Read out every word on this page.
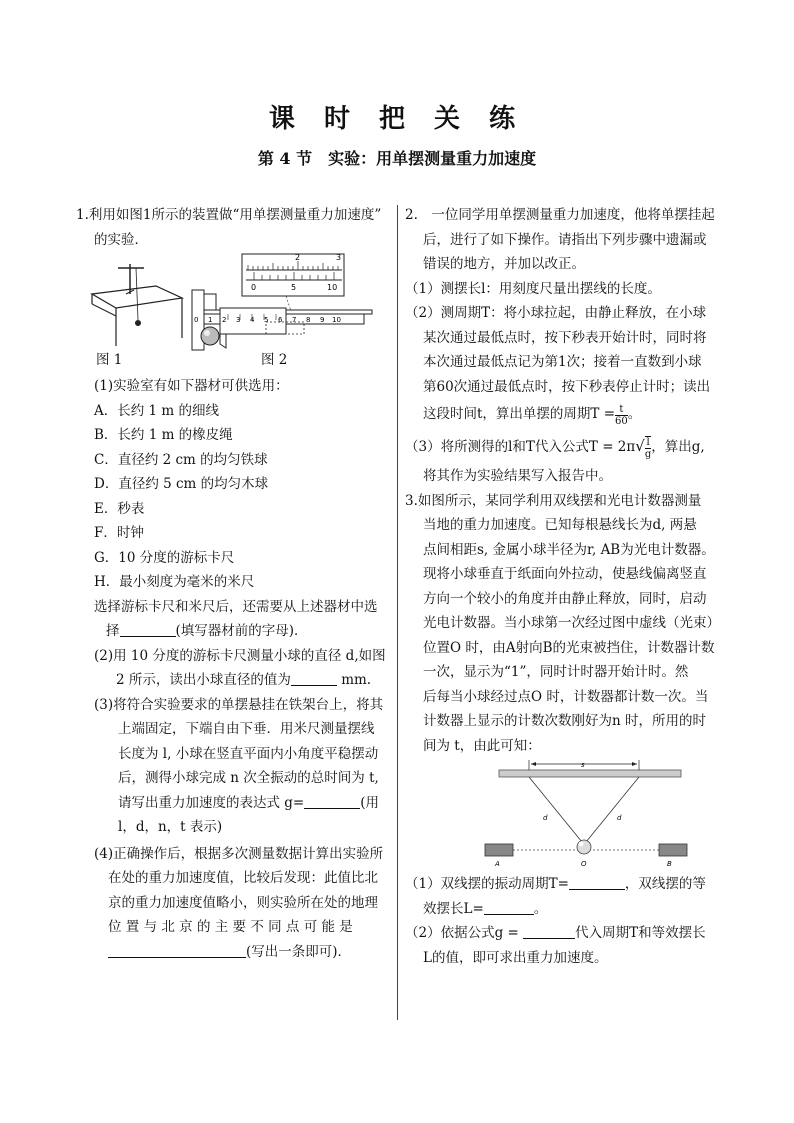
课 时 把 关 练
第 4 节　实验：用单摆测量重力加速度

1.利用如图1所示的装置做“用单摆测量重力加速度”

的实验．

2	3
0	5	10
0 1 2 3 4 5 6 7 8 9 10
图 1	图 2

(1)实验室有如下器材可供选用：

A．长约 1 m 的细线

B．长约 1 m 的橡皮绳

C．直径约 2 cm 的均匀铁球

D．直径约 5 cm 的均匀木球

E．秒表

F．时钟

G．10 分度的游标卡尺

H．最小刻度为毫米的米尺

选择游标卡尺和米尺后，还需要从上述器材中选

择	(填写器材前的字母)．

(2)用 10 分度的游标卡尺测量小球的直径 d,如图

2 所示，读出小球直径的值为	mm.

(3)将符合实验要求的单摆悬挂在铁架台上，将其

上端固定，下端自由下垂．用米尺测量摆线

长度为 l, 小球在竖直平面内小角度平稳摆动

后，测得小球完成 n 次全振动的总时间为 t,

请写出重力加速度的表达式 g=	(用

l，d，n，t 表示)

(4)正确操作后，根据多次测量数据计算出实验所

在处的重力加速度值，比较后发现：此值比北

京的重力加速度值略小，则实验所在处的地理

位 置 与 北 京 的 主 要 不 同 点 可 能 是

(写出一条即可)．

2.　一位同学用单摆测量重力加速度，他将单摆挂起

后，进行了如下操作。请指出下列步骤中遗漏或

错误的地方，并加以改正。

（1）测摆长l：用刻度尺量出摆线的长度。

（2）测周期T：将小球拉起，由静止释放，在小球

某次通过最低点时，按下秒表开始计时，同时将

本次通过最低点记为第1次；接着一直数到小球

第60次通过最低点时，按下秒表停止计时；读出

这段时间t，算出单摆的周期$T = \frac{t}{60}$ 。

（3）将所测得的l和T代入公式$T = 2\pi√ \frac{l}{g}$ ，算出g,

将其作为实验结果写入报告中。

3.如图所示，某同学利用双线摆和光电计数器测量

当地的重力加速度。已知每根悬线长为d, 两悬

点间相距s, 金属小球半径为r, AB为光电计数器。

现将小球垂直于纸面向外拉动，使悬线偏离竖直

方向一个较小的角度并由静止释放，同时，启动

光电计数器。当小球第一次经过图中虚线（光束）

位置O 时，由A射向B的光束被挡住，计数器计数

一次，显示为“1”，同时计时器开始计时。然

后每当小球经过点O 时，计数器都计数一次。当

计数器上显示的计数次数刚好为n 时，所用的时

间为 t，由此可知：

s
d	d
A	O	B

（1）双线摆的振动周期T=	，双线摆的等

效摆长L=	。

（2）依据公式g =	代入周期T和等效摆长

L的值，即可求出重力加速度。
